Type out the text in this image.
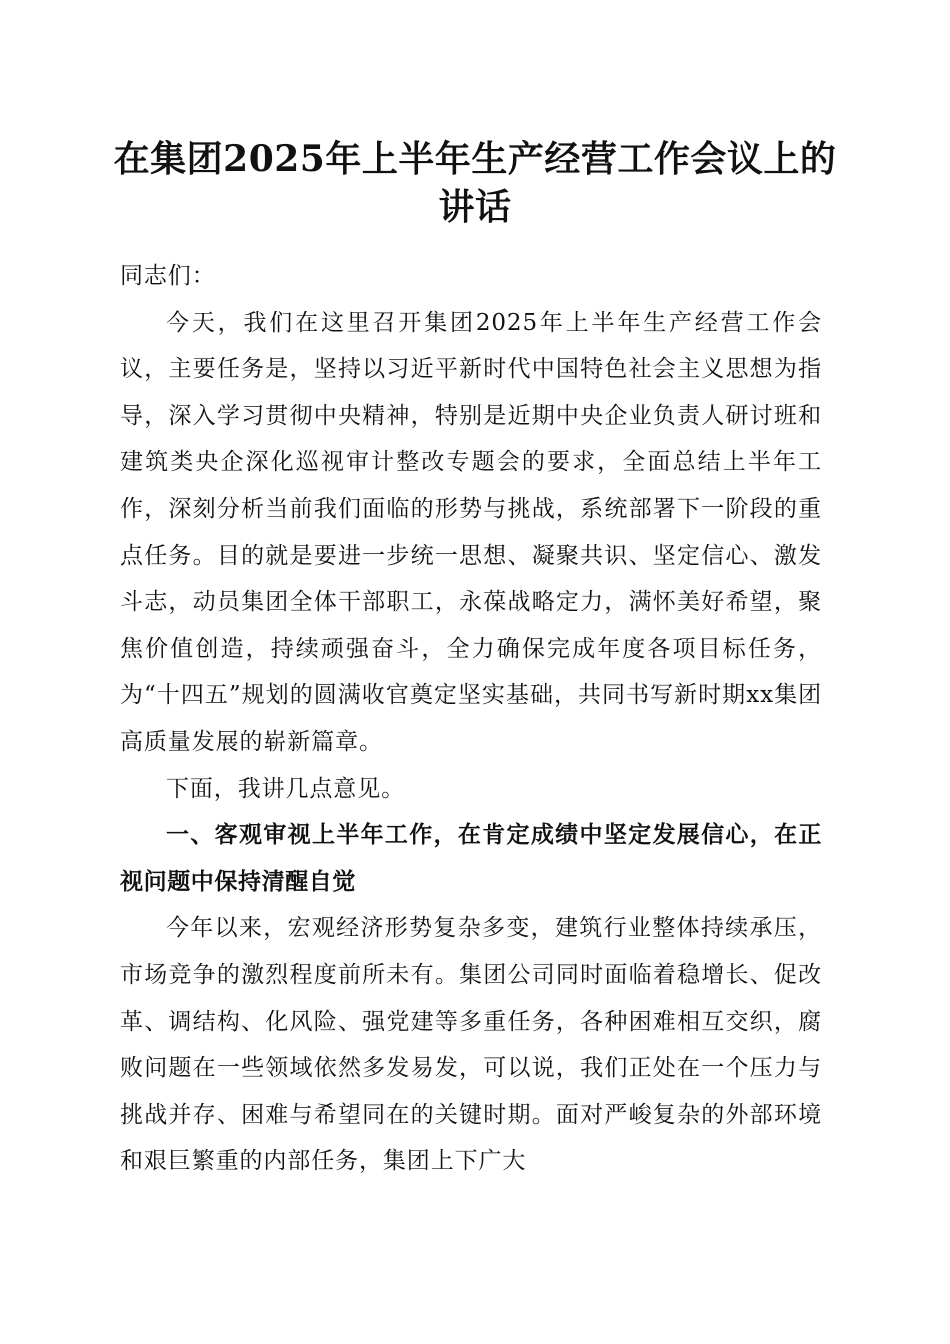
在集团2025年上半年生产经营工作会议上的讲话

同志们：

今天，我们在这里召开集团2025年上半年生产经营工作会议，主要任务是，坚持以习近平新时代中国特色社会主义思想为指导，深入学习贯彻中央精神，特别是近期中央企业负责人研讨班和建筑类央企深化巡视审计整改专题会的要求，全面总结上半年工作，深刻分析当前我们面临的形势与挑战，系统部署下一阶段的重点任务。目的就是要进一步统一思想、凝聚共识、坚定信心、激发斗志，动员集团全体干部职工，永葆战略定力，满怀美好希望，聚焦价值创造，持续顽强奋斗，全力确保完成年度各项目标任务，为“十四五”规划的圆满收官奠定坚实基础，共同书写新时期xx集团高质量发展的崭新篇章。

下面，我讲几点意见。

一、客观审视上半年工作，在肯定成绩中坚定发展信心，在正视问题中保持清醒自觉

今年以来，宏观经济形势复杂多变，建筑行业整体持续承压，市场竞争的激烈程度前所未有。集团公司同时面临着稳增长、促改革、调结构、化风险、强党建等多重任务，各种困难相互交织，腐败问题在一些领域依然多发易发，可以说，我们正处在一个压力与挑战并存、困难与希望同在的关键时期。面对严峻复杂的外部环境和艰巨繁重的内部任务，集团上下广大
